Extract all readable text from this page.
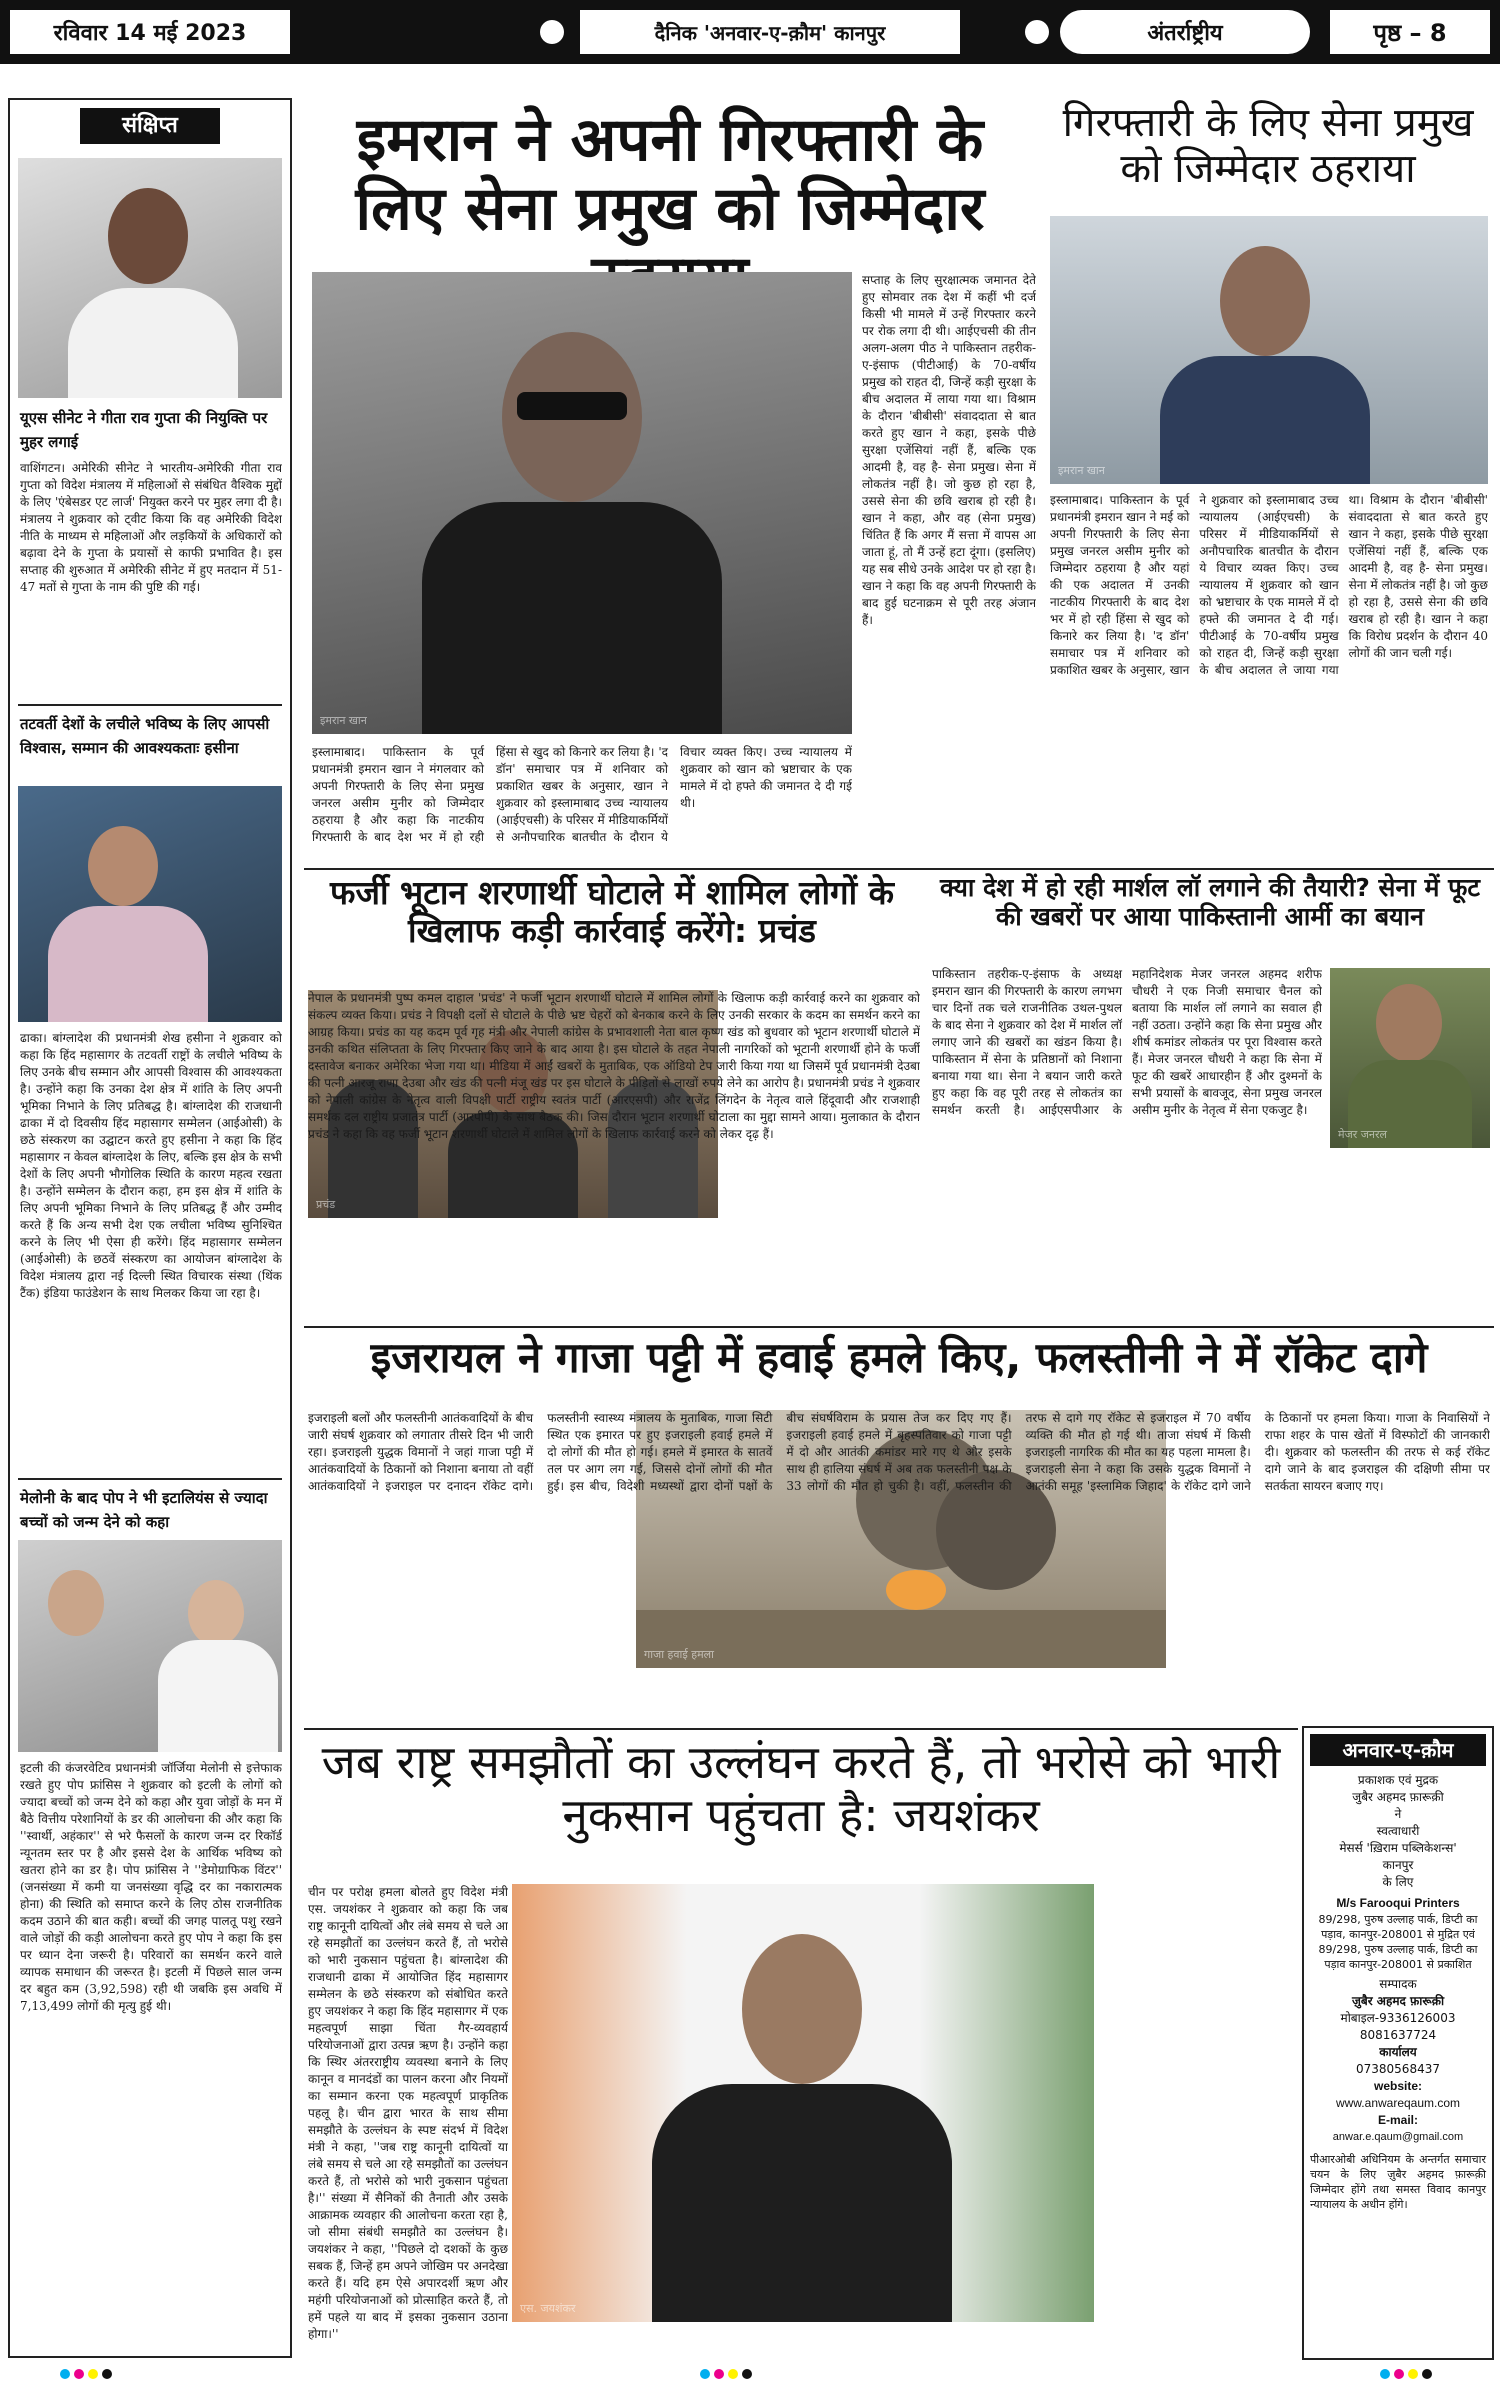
रविवार 14 मई 2023	दैनिक 'अनवार-ए-क़ौम' कानपुर	अंतर्राष्ट्रीय	पृष्ठ – 8
संक्षिप्त
यूएस सीनेट ने गीता राव गुप्ता की नियुक्ति पर मुहर लगाई
वाशिंगटन। अमेरिकी सीनेट ने भारतीय-अमेरिकी गीता राव गुप्ता को विदेश मंत्रालय में महिलाओं से संबंधित वैश्विक मुद्दों के लिए 'एंबेसडर एट लार्ज' नियुक्त करने पर मुहर लगा दी है। मंत्रालय ने शुक्रवार को ट्वीट किया कि वह अमेरिकी विदेश नीति के माध्यम से महिलाओं और लड़कियों के अधिकारों को बढ़ावा देने के गुप्ता के प्रयासों से काफी प्रभावित है। इस सप्ताह की शुरुआत में अमेरिकी सीनेट में हुए मतदान में 51-47 मतों से गुप्ता के नाम की पुष्टि की गई।
तटवर्ती देशों के लचीले भविष्य के लिए आपसी विश्वास, सम्मान की आवश्यकताः हसीना
ढाका। बांग्लादेश की प्रधानमंत्री शेख हसीना ने शुक्रवार को कहा कि हिंद महासागर के तटवर्ती राष्ट्रों के लचीले भविष्य के लिए उनके बीच सम्मान और आपसी विश्वास की आवश्यकता है। उन्होंने कहा कि उनका देश क्षेत्र में शांति के लिए अपनी भूमिका निभाने के लिए प्रतिबद्ध है। बांग्लादेश की राजधानी ढाका में दो दिवसीय हिंद महासागर सम्मेलन (आईओसी) के छठे संस्करण का उद्घाटन करते हुए हसीना ने कहा कि हिंद महासागर न केवल बांग्लादेश के लिए, बल्कि इस क्षेत्र के सभी देशों के लिए अपनी भौगोलिक स्थिति के कारण महत्व रखता है। उन्होंने सम्मेलन के दौरान कहा, हम इस क्षेत्र में शांति के लिए अपनी भूमिका निभाने के लिए प्रतिबद्ध हैं और उम्मीद करते हैं कि अन्य सभी देश एक लचीला भविष्य सुनिश्चित करने के लिए भी ऐसा ही करेंगे। हिंद महासागर सम्मेलन (आईओसी) के छठवें संस्करण का आयोजन बांग्लादेश के विदेश मंत्रालय द्वारा नई दिल्ली स्थित विचारक संस्था (थिंक टैंक) इंडिया फाउंडेशन के साथ मिलकर किया जा रहा है।
मेलोनी के बाद पोप ने भी इटालियंस से ज्यादा बच्चों को जन्म देने को कहा
इटली की कंजरवेटिव प्रधानमंत्री जॉर्जिया मेलोनी से इत्तेफाक रखते हुए पोप फ्रांसिस ने शुक्रवार को इटली के लोगों को ज्यादा बच्चों को जन्म देने को कहा और युवा जोड़ों के मन में बैठे वित्तीय परेशानियों के डर की आलोचना की और कहा कि ''स्वार्थी, अहंकार'' से भरे फैसलों के कारण जन्म दर रिकॉर्ड न्यूनतम स्तर पर है और इससे देश के आर्थिक भविष्य को खतरा होने का डर है। पोप फ्रांसिस ने ''डेमोग्राफिक विंटर'' (जनसंख्या में कमी या जनसंख्या वृद्धि दर का नकारात्मक होना) की स्थिति को समाप्त करने के लिए ठोस राजनीतिक कदम उठाने की बात कही। बच्चों की जगह पालतू पशु रखने वाले जोड़ों की कड़ी आलोचना करते हुए पोप ने कहा कि इस पर ध्यान देना जरूरी है। परिवारों का समर्थन करने वाले व्यापक समाधान की जरूरत है। इटली में पिछले साल जन्म दर बहुत कम (3,92,598) रही थी जबकि इस अवधि में 7,13,499 लोगों की मृत्यु हुई थी।
इमरान ने अपनी गिरफ्तारी के लिए सेना प्रमुख को जिम्मेदार
इमरान खान
सप्ताह के लिए सुरक्षात्मक जमानत देते हुए सोमवार तक देश में कहीं भी दर्ज किसी भी मामले में उन्हें गिरफ्तार करने पर रोक लगा दी थी। आईएचसी की तीन अलग-अलग पीठ ने पाकिस्तान तहरीक-ए-इंसाफ (पीटीआई) के 70-वर्षीय प्रमुख को राहत दी, जिन्हें कड़ी सुरक्षा के बीच अदालत में लाया गया था। विश्राम के दौरान 'बीबीसी' संवाददाता से बात करते हुए खान ने कहा, इसके पीछे सुरक्षा एजेंसियां नहीं हैं, बल्कि एक आदमी है, वह है- सेना प्रमुख। सेना में लोकतंत्र नहीं है। जो कुछ हो रहा है, उससे सेना की छवि खराब हो रही है। खान ने कहा, और वह (सेना प्रमुख) चिंतित हैं कि अगर मैं सत्ता में वापस आ जाता हूं, तो मैं उन्हें हटा दूंगा। (इसलिए) यह सब सीधे उनके आदेश पर हो रहा है। खान ने कहा कि वह अपनी गिरफ्तारी के बाद हुई घटनाक्रम से पूरी तरह अंजान हैं।
इस्लामाबाद। पाकिस्तान के पूर्व प्रधानमंत्री इमरान खान ने मंगलवार को अपनी गिरफ्तारी के लिए सेना प्रमुख जनरल असीम मुनीर को जिम्मेदार ठहराया है और कहा कि नाटकीय गिरफ्तारी के बाद देश भर में हो रही हिंसा से खुद को किनारे कर लिया है। 'द डॉन' समाचार पत्र में शनिवार को प्रकाशित खबर के अनुसार, खान ने शुक्रवार को इस्लामाबाद उच्च न्यायालय (आईएचसी) के परिसर में मीडियाकर्मियों से अनौपचारिक बातचीत के दौरान ये विचार व्यक्त किए। उच्च न्यायालय में शुक्रवार को खान को भ्रष्टाचार के एक मामले में दो हफ्ते की जमानत दे दी गई थी।
गिरफ्तारी के लिए सेना प्रमुख को जिम्मेदार ठहराया
इमरान खान
इस्लामाबाद। पाकिस्तान के पूर्व प्रधानमंत्री इमरान खान ने मई को अपनी गिरफ्तारी के लिए सेना प्रमुख जनरल असीम मुनीर को जिम्मेदार ठहराया है और यहां की एक अदालत में उनकी नाटकीय गिरफ्तारी के बाद देश भर में हो रही हिंसा से खुद को किनारे कर लिया है। 'द डॉन' समाचार पत्र में शनिवार को प्रकाशित खबर के अनुसार, खान ने शुक्रवार को इस्लामाबाद उच्च न्यायालय (आईएचसी) के परिसर में मीडियाकर्मियों से अनौपचारिक बातचीत के दौरान ये विचार व्यक्त किए। उच्च न्यायालय में शुक्रवार को खान को भ्रष्टाचार के एक मामले में दो हफ्ते की जमानत दे दी गई। पीटीआई के 70-वर्षीय प्रमुख को राहत दी, जिन्हें कड़ी सुरक्षा के बीच अदालत ले जाया गया था। विश्राम के दौरान 'बीबीसी' संवाददाता से बात करते हुए खान ने कहा, इसके पीछे सुरक्षा एजेंसियां नहीं हैं, बल्कि एक आदमी है, वह है- सेना प्रमुख। सेना में लोकतंत्र नहीं है। जो कुछ हो रहा है, उससे सेना की छवि खराब हो रही है। खान ने कहा कि विरोध प्रदर्शन के दौरान 40 लोगों की जान चली गई।
फर्जी भूटान शरणार्थी घोटाले में शामिल लोगों के खिलाफ कड़ी कार्रवाई करेंगे: प्रचंड
प्रचंड
नेपाल के प्रधानमंत्री पुष्प कमल दाहाल 'प्रचंड' ने फर्जी भूटान शरणार्थी घोटाले में शामिल लोगों के खिलाफ कड़ी कार्रवाई करने का शुक्रवार को संकल्प व्यक्त किया। प्रचंड ने विपक्षी दलों से घोटाले के पीछे भ्रष्ट चेहरों को बेनकाब करने के लिए उनकी सरकार के कदम का समर्थन करने का आग्रह किया। प्रचंड का यह कदम पूर्व गृह मंत्री और नेपाली कांग्रेस के प्रभावशाली नेता बाल कृष्ण खंड को बुधवार को भूटान शरणार्थी घोटाले में उनकी कथित संलिप्तता के लिए गिरफ्तार किए जाने के बाद आया है। इस घोटाले के तहत नेपाली नागरिकों को भूटानी शरणार्थी होने के फर्जी दस्तावेज बनाकर अमेरिका भेजा गया था। मीडिया में आईं खबरों के मुताबिक, एक ऑडियो टेप जारी किया गया था जिसमें पूर्व प्रधानमंत्री देउबा की पत्नी आरजू राणा देउबा और खंड की पत्नी मंजू खंड पर इस घोटाले के पीड़ितों से लाखों रुपये लेने का आरोप है। प्रधानमंत्री प्रचंड ने शुक्रवार को नेपाली कांग्रेस के नेतृत्व वाली विपक्षी पार्टी राष्ट्रीय स्वतंत्र पार्टी (आरएसपी) और राजेंद्र लिंगदेन के नेतृत्व वाले हिंदूवादी और राजशाही समर्थक दल राष्ट्रीय प्रजातंत्र पार्टी (आरपीपी) के साथ बैठक की। जिस दौरान भूटान शरणार्थी घोटाला का मुद्दा सामने आया। मुलाकात के दौरान प्रचंड ने कहा कि वह फर्जी भूटान शरणार्थी घोटाले में शामिल लोगों के खिलाफ कार्रवाई करने को लेकर दृढ़ हैं।
क्या देश में हो रही मार्शल लॉ लगाने की तैयारी? सेना में फूट की खबरों पर आया पाकिस्तानी आर्मी का बयान
मेजर जनरल
पाकिस्तान तहरीक-ए-इंसाफ के अध्यक्ष इमरान खान की गिरफ्तारी के कारण लगभग चार दिनों तक चले राजनीतिक उथल-पुथल के बाद सेना ने शुक्रवार को देश में मार्शल लॉ लगाए जाने की खबरों का खंडन किया है। पाकिस्तान में सेना के प्रतिष्ठानों को निशाना बनाया गया था। सेना ने बयान जारी करते हुए कहा कि वह पूरी तरह से लोकतंत्र का समर्थन करती है। आईएसपीआर के महानिदेशक मेजर जनरल अहमद शरीफ चौधरी ने एक निजी समाचार चैनल को बताया कि मार्शल लॉ लगाने का सवाल ही नहीं उठता। उन्होंने कहा कि सेना प्रमुख और शीर्ष कमांडर लोकतंत्र पर पूरा विश्वास करते हैं। मेजर जनरल चौधरी ने कहा कि सेना में फूट की खबरें आधारहीन हैं और दुश्मनों के सभी प्रयासों के बावजूद, सेना प्रमुख जनरल असीम मुनीर के नेतृत्व में सेना एकजुट है।
इजरायल ने गाजा पट्टी में हवाई हमले किए, फलस्तीनी ने में रॉकेट दागे
गाजा हवाई हमला
इजराइली बलों और फलस्तीनी आतंकवादियों के बीच जारी संघर्ष शुक्रवार को लगातार तीसरे दिन भी जारी रहा। इजराइली युद्धक विमानों ने जहां गाजा पट्टी में आतंकवादियों के ठिकानों को निशाना बनाया तो वहीं आतंकवादियों ने इजराइल पर दनादन रॉकेट दागे। फलस्तीनी स्वास्थ्य मंत्रालय के मुताबिक, गाजा सिटी स्थित एक इमारत पर हुए इजराइली हवाई हमले में दो लोगों की मौत हो गई। हमले में इमारत के सातवें तल पर आग लग गई, जिससे दोनों लोगों की मौत हुई। इस बीच, विदेशी मध्यस्थों द्वारा दोनों पक्षों के बीच संघर्षविराम के प्रयास तेज कर दिए गए हैं। इजराइली हवाई हमले में बृहस्पतिवार को गाजा पट्टी में दो और आतंकी कमांडर मारे गए थे और इसके साथ ही हालिया संघर्ष में अब तक फलस्तीनी पक्ष के 33 लोगों की मौत हो चुकी है। वहीं, फलस्तीन की तरफ से दागे गए रॉकेट से इजराइल में 70 वर्षीय व्यक्ति की मौत हो गई थी। ताजा संघर्ष में किसी इजराइली नागरिक की मौत का यह पहला मामला है। इजराइली सेना ने कहा कि उसके युद्धक विमानों ने आतंकी समूह 'इस्लामिक जिहाद' के रॉकेट दागे जाने के ठिकानों पर हमला किया। गाजा के निवासियों ने राफा शहर के पास खेतों में विस्फोटों की जानकारी दी। शुक्रवार को फलस्तीन की तरफ से कई रॉकेट दागे जाने के बाद इजराइल की दक्षिणी सीमा पर सतर्कता सायरन बजाए गए।
जब राष्ट्र समझौतों का उल्लंघन करते हैं, तो भरोसे को भारी नुकसान पहुंचता है: जयशंकर
एस. जयशंकर
चीन पर परोक्ष हमला बोलते हुए विदेश मंत्री एस. जयशंकर ने शुक्रवार को कहा कि जब राष्ट्र कानूनी दायित्वों और लंबे समय से चले आ रहे समझौतों का उल्लंघन करते हैं, तो भरोसे को भारी नुकसान पहुंचता है। बांग्लादेश की राजधानी ढाका में आयोजित हिंद महासागर सम्मेलन के छठे संस्करण को संबोधित करते हुए जयशंकर ने कहा कि हिंद महासागर में एक महत्वपूर्ण साझा चिंता गैर-व्यवहार्य परियोजनाओं द्वारा उत्पन्न ऋण है। उन्होंने कहा कि स्थिर अंतरराष्ट्रीय व्यवस्था बनाने के लिए कानून व मानदंडों का पालन करना और नियमों का सम्मान करना एक महत्वपूर्ण प्राकृतिक पहलू है। चीन द्वारा भारत के साथ सीमा समझौते के उल्लंघन के स्पष्ट संदर्भ में विदेश मंत्री ने कहा, ''जब राष्ट्र कानूनी दायित्वों या लंबे समय से चले आ रहे समझौतों का उल्लंघन करते हैं, तो भरोसे को भारी नुकसान पहुंचता है।'' संख्या में सैनिकों की तैनाती और उसके आक्रामक व्यवहार की आलोचना करता रहा है, जो सीमा संबंधी समझौते का उल्लंघन है। जयशंकर ने कहा, ''पिछले दो दशकों के कुछ सबक हैं, जिन्हें हम अपने जोखिम पर अनदेखा करते हैं। यदि हम ऐसे अपारदर्शी ऋण और महंगी परियोजनाओं को प्रोत्साहित करते हैं, तो हमें पहले या बाद में इसका नुकसान उठाना होगा।''
अनवार-ए-क़ौम
प्रकाशक एवं मुद्रक
जुबैर अहमद फ़ारूक़ी
ने
स्वत्वाधारी
मेसर्स 'ख़िराम पब्लिकेशन्स'
कानपुर
के लिए
M/s Farooqui Printers
89/298, पुरुष उल्लाह पार्क, डिप्टी का पड़ाव, कानपुर-208001 से मुद्रित एवं 89/298, पुरुष उल्लाह पार्क, डिप्टी का पड़ाव कानपुर-208001 से प्रकाशित
सम्पादक
ज़ुबैर अहमद फ़ारूक़ी
मोबाइल-9336126003
8081637724
कार्यालय
07380568437
website:
www.anwareqaum.com
E-mail:
anwar.e.qaum@gmail.com
पीआरओबी अधिनियम के अन्तर्गत समाचार चयन के लिए ज़ुबैर अहमद फ़ारूक़ी जिम्मेदार होंगे तथा समस्त विवाद कानपुर न्यायालय के अधीन होंगे।
